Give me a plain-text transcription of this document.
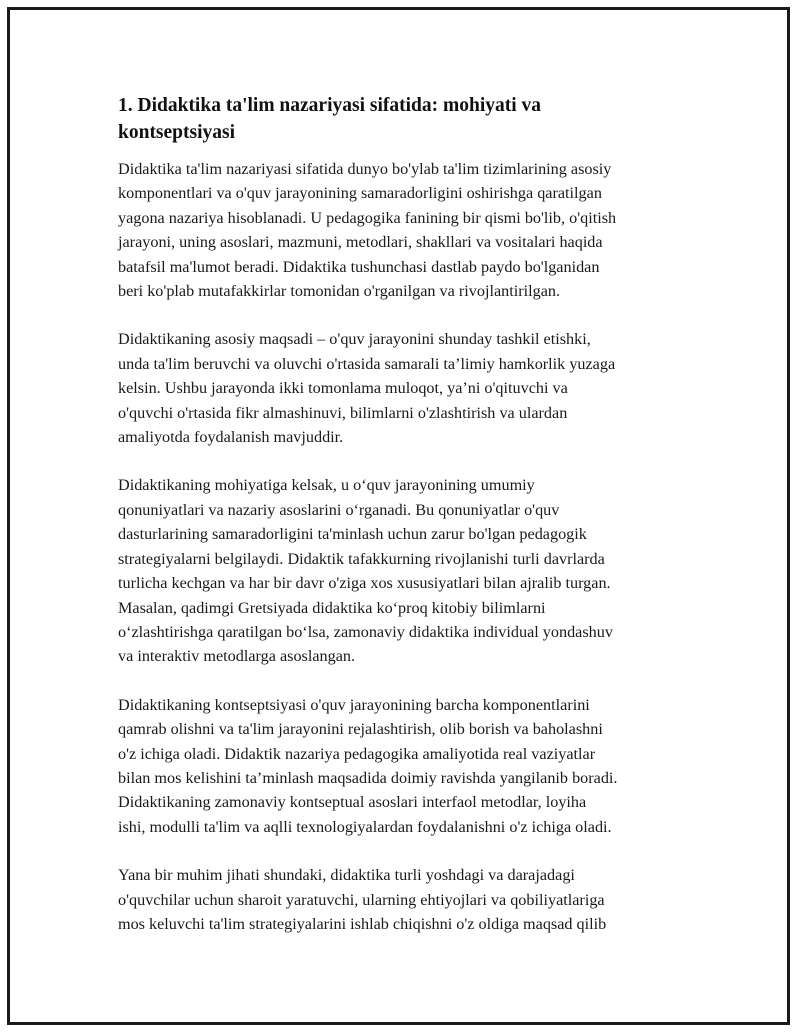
1. Didaktika ta'lim nazariyasi sifatida: mohiyati va
kontseptsiyasi
Didaktika ta'lim nazariyasi sifatida dunyo bo'ylab ta'lim tizimlarining asosiy
komponentlari va o'quv jarayonining samaradorligini oshirishga qaratilgan
yagona nazariya hisoblanadi. U pedagogika fanining bir qismi bo'lib, o'qitish
jarayoni, uning asoslari, mazmuni, metodlari, shakllari va vositalari haqida
batafsil ma'lumot beradi. Didaktika tushunchasi dastlab paydo bo'lganidan
beri ko'plab mutafakkirlar tomonidan o'rganilgan va rivojlantirilgan.
Didaktikaning asosiy maqsadi – o'quv jarayonini shunday tashkil etishki,
unda ta'lim beruvchi va oluvchi o'rtasida samarali ta’limiy hamkorlik yuzaga
kelsin. Ushbu jarayonda ikki tomonlama muloqot, ya’ni o'qituvchi va
o'quvchi o'rtasida fikr almashinuvi, bilimlarni o'zlashtirish va ulardan
amaliyotda foydalanish mavjuddir.
Didaktikaning mohiyatiga kelsak, u o‘quv jarayonining umumiy
qonuniyatlari va nazariy asoslarini o‘rganadi. Bu qonuniyatlar o'quv
dasturlarining samaradorligini ta'minlash uchun zarur bo'lgan pedagogik
strategiyalarni belgilaydi. Didaktik tafakkurning rivojlanishi turli davrlarda
turlicha kechgan va har bir davr o'ziga xos xususiyatlari bilan ajralib turgan.
Masalan, qadimgi Gretsiyada didaktika ko‘proq kitobiy bilimlarni
o‘zlashtirishga qaratilgan bo‘lsa, zamonaviy didaktika individual yondashuv
va interaktiv metodlarga asoslangan.
Didaktikaning kontseptsiyasi o'quv jarayonining barcha komponentlarini
qamrab olishni va ta'lim jarayonini rejalashtirish, olib borish va baholashni
o'z ichiga oladi. Didaktik nazariya pedagogika amaliyotida real vaziyatlar
bilan mos kelishini ta’minlash maqsadida doimiy ravishda yangilanib boradi.
Didaktikaning zamonaviy kontseptual asoslari interfaol metodlar, loyiha
ishi, modulli ta'lim va aqlli texnologiyalardan foydalanishni o'z ichiga oladi.
Yana bir muhim jihati shundaki, didaktika turli yoshdagi va darajadagi
o'quvchilar uchun sharoit yaratuvchi, ularning ehtiyojlari va qobiliyatlariga
mos keluvchi ta'lim strategiyalarini ishlab chiqishni o'z oldiga maqsad qilib
